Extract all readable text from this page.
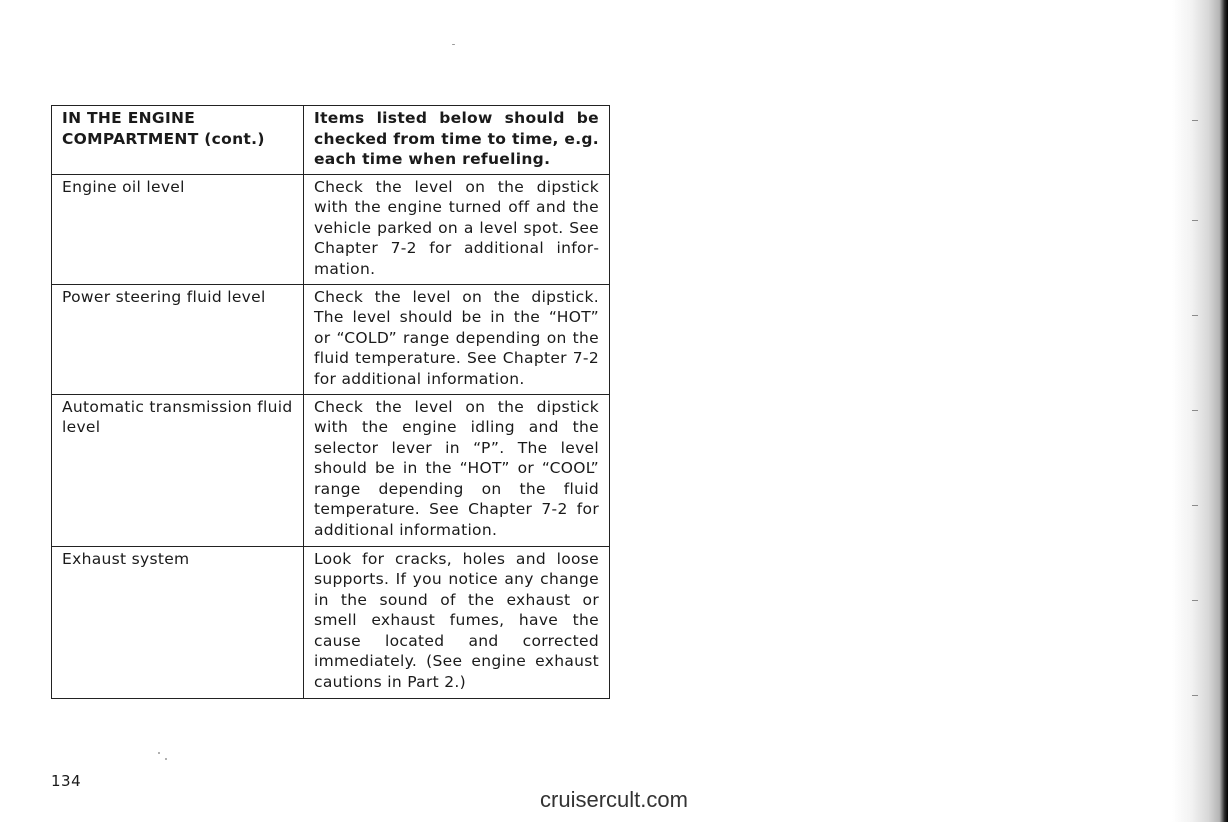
IN THE ENGINE COMPARTMENT (cont.)	Items listed below should be checked from time to time, e.g. each time when refueling.
Engine oil level	Check the level on the dipstick with the engine turned off and the vehicle parked on a level spot. See Chapter 7-2 for additional information.
Power steering fluid level	Check the level on the dipstick. The level should be in the “HOT” or “COLD” range depending on the fluid temperature. See Chapter 7-2 for additional information.
Automatic transmission fluid level	Check the level on the dipstick with the engine idling and the selector lever in “P”. The level should be in the “HOT” or “COOL” range depending on the fluid temperature. See Chapter 7-2 for additional information.
Exhaust system	Look for cracks, holes and loose supports. If you notice any change in the sound of the exhaust or smell exhaust fumes, have the cause located and corrected immediately. (See engine exhaust cautions in Part 2.)
134
cruisercult.com
